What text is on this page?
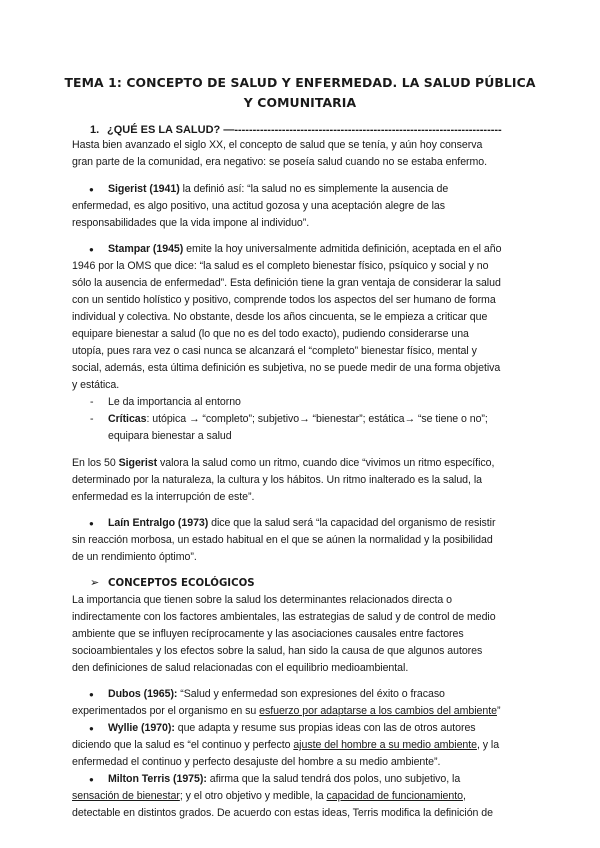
TEMA 1: CONCEPTO DE SALUD Y ENFERMEDAD. LA SALUD PÚBLICA
Y COMUNITARIA
1. ¿QUÉ ES LA SALUD? —-------------------------------------------------------------------------
Hasta bien avanzado el siglo XX, el concepto de salud que se tenía, y aún hoy conserva
gran parte de la comunidad, era negativo: se poseía salud cuando no se estaba enfermo.
● Sigerist (1941) la definió así: “la salud no es simplemente la ausencia de
enfermedad, es algo positivo, una actitud gozosa y una aceptación alegre de las
responsabilidades que la vida impone al individuo”.
● Stampar (1945) emite la hoy universalmente admitida definición, aceptada en el año
1946 por la OMS que dice: “la salud es el completo bienestar físico, psíquico y social y no
sólo la ausencia de enfermedad”. Esta definición tiene la gran ventaja de considerar la salud
con un sentido holístico y positivo, comprende todos los aspectos del ser humano de forma
individual y colectiva. No obstante, desde los años cincuenta, se le empieza a criticar que
equipare bienestar a salud (lo que no es del todo exacto), pudiendo considerarse una
utopía, pues rara vez o casi nunca se alcanzará el “completo” bienestar físico, mental y
social, además, esta última definición es subjetiva, no se puede medir de una forma objetiva
y estática.
- Le da importancia al entorno
- Críticas: utópica → “completo”; subjetivo→ “bienestar”; estática→ “se tiene o no”;
equipara bienestar a salud
En los 50 Sigerist valora la salud como un ritmo, cuando dice “vivimos un ritmo específico,
determinado por la naturaleza, la cultura y los hábitos. Un ritmo inalterado es la salud, la
enfermedad es la interrupción de este”.
● Laín Entralgo (1973) dice que la salud será “la capacidad del organismo de resistir
sin reacción morbosa, un estado habitual en el que se aúnen la normalidad y la posibilidad
de un rendimiento óptimo”.
➢ CONCEPTOS ECOLÓGICOS
La importancia que tienen sobre la salud los determinantes relacionados directa o
indirectamente con los factores ambientales, las estrategias de salud y de control de medio
ambiente que se influyen recíprocamente y las asociaciones causales entre factores
socioambientales y los efectos sobre la salud, han sido la causa de que algunos autores
den definiciones de salud relacionadas con el equilibrio medioambiental.
● Dubos (1965): “Salud y enfermedad son expresiones del éxito o fracaso
experimentados por el organismo en su esfuerzo por adaptarse a los cambios del ambiente”
● Wyllie (1970): que adapta y resume sus propias ideas con las de otros autores
diciendo que la salud es “el continuo y perfecto ajuste del hombre a su medio ambiente, y la
enfermedad el continuo y perfecto desajuste del hombre a su medio ambiente”.
● Milton Terris (1975): afirma que la salud tendrá dos polos, uno subjetivo, la
sensación de bienestar; y el otro objetivo y medible, la capacidad de funcionamiento,
detectable en distintos grados. De acuerdo con estas ideas, Terris modifica la definición de
